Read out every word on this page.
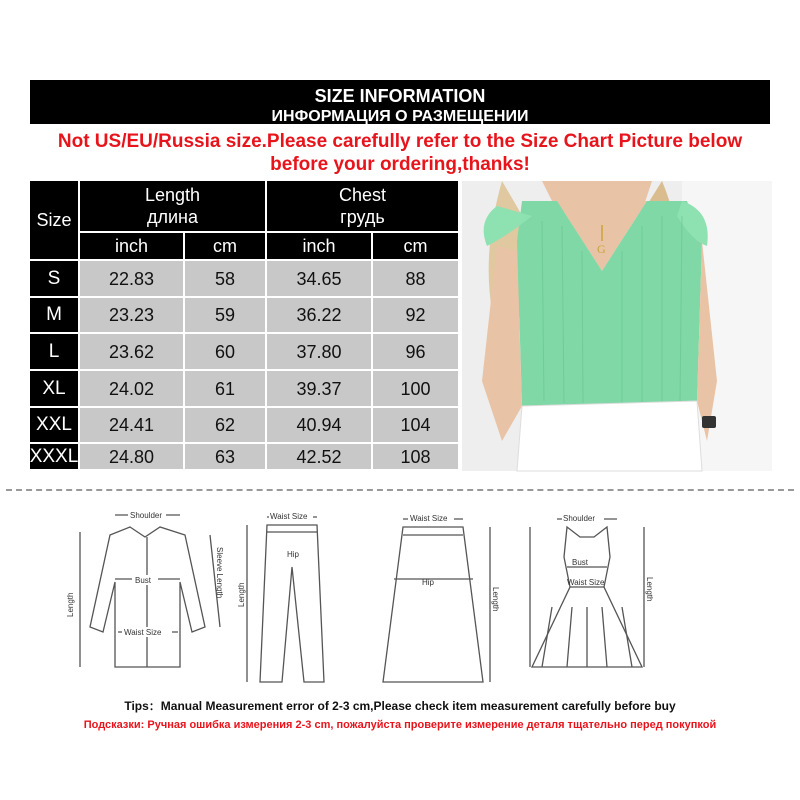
SIZE INFORMATION
ИНФОРМАЦИЯ О РАЗМЕЩЕНИИ
Not US/EU/Russia size.Please carefully refer to the Size Chart Picture below
before your ordering,thanks!
Size
Length
длина
Chest
грудь
inch	cm	inch	cm
S	22.83	58	34.65	88
M	23.23	59	36.22	92
L	23.62	60	37.80	96
XL	24.02	61	39.37	100
XXL	24.41	62	40.94	104
XXXL	24.80	63	42.52	108
G
Shoulder
Bust
Waist Size
Length
Sleeve Length
Waist Size
Hip
Length
Waist Size
Hip
Length
Shoulder
Bust
Waist Size	Length
Tips：Manual Measurement error of 2-3 cm,Please check item measurement carefully before buy
Подсказки: Ручная ошибка измерения 2-3 cm, пожалуйста проверите измерение деталя тщательно перед покупкой
